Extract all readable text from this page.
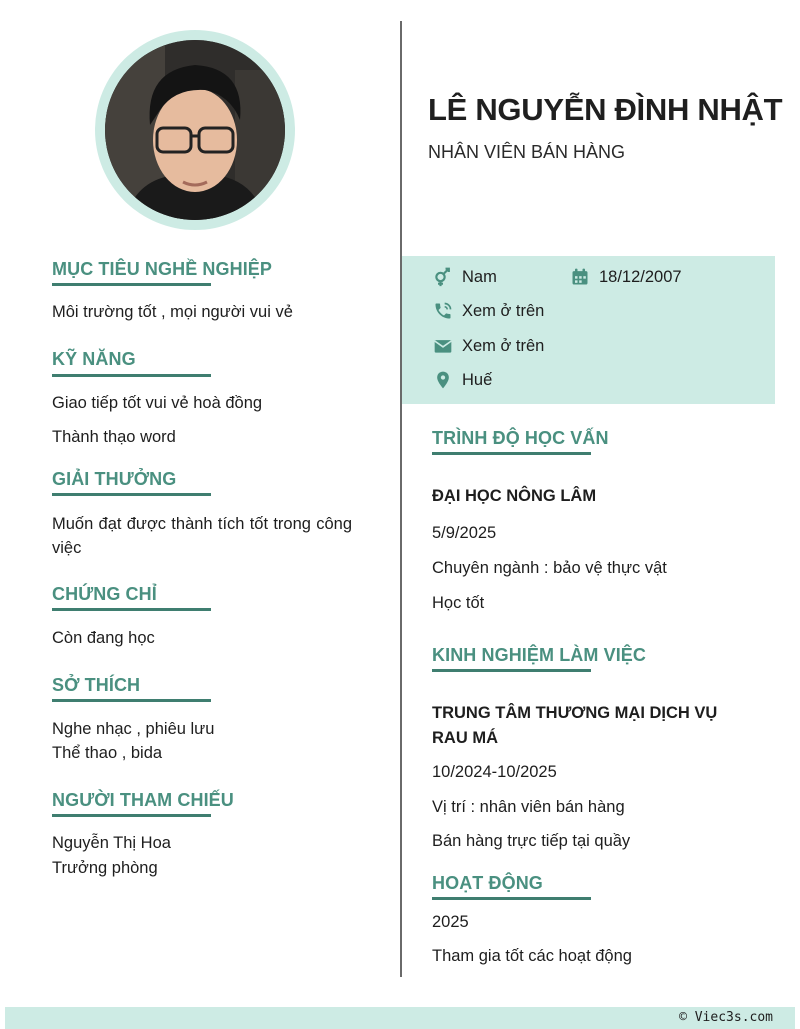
MỤC TIÊU NGHỀ NGHIỆP
Môi trường tốt , mọi người vui vẻ
KỸ NĂNG
Giao tiếp tốt vui vẻ hoà đồng
Thành thạo word
GIẢI THƯỞNG
Muốn đạt được thành tích tốt trong công việc
CHỨNG CHỈ
Còn đang học
SỞ THÍCH
Nghe nhạc , phiêu lưu
Thể thao , bida
NGƯỜI THAM CHIẾU
Nguyễn Thị Hoa
Trưởng phòng
LÊ NGUYỄN ĐÌNH NHẬT
NHÂN VIÊN BÁN HÀNG
Nam	18/12/2007
Xem ở trên
Xem ở trên
Huế
TRÌNH ĐỘ HỌC VẤN
ĐẠI HỌC NÔNG LÂM
5/9/2025
Chuyên ngành : bảo vệ thực vật
Học tốt
KINH NGHIỆM LÀM VIỆC
TRUNG TÂM THƯƠNG MẠI DỊCH VỤ RAU MÁ
10/2024-10/2025
Vị trí : nhân viên bán hàng
Bán hàng trực tiếp tại quầy
HOẠT ĐỘNG
2025
Tham gia tốt các hoạt động
© Viec3s.com
